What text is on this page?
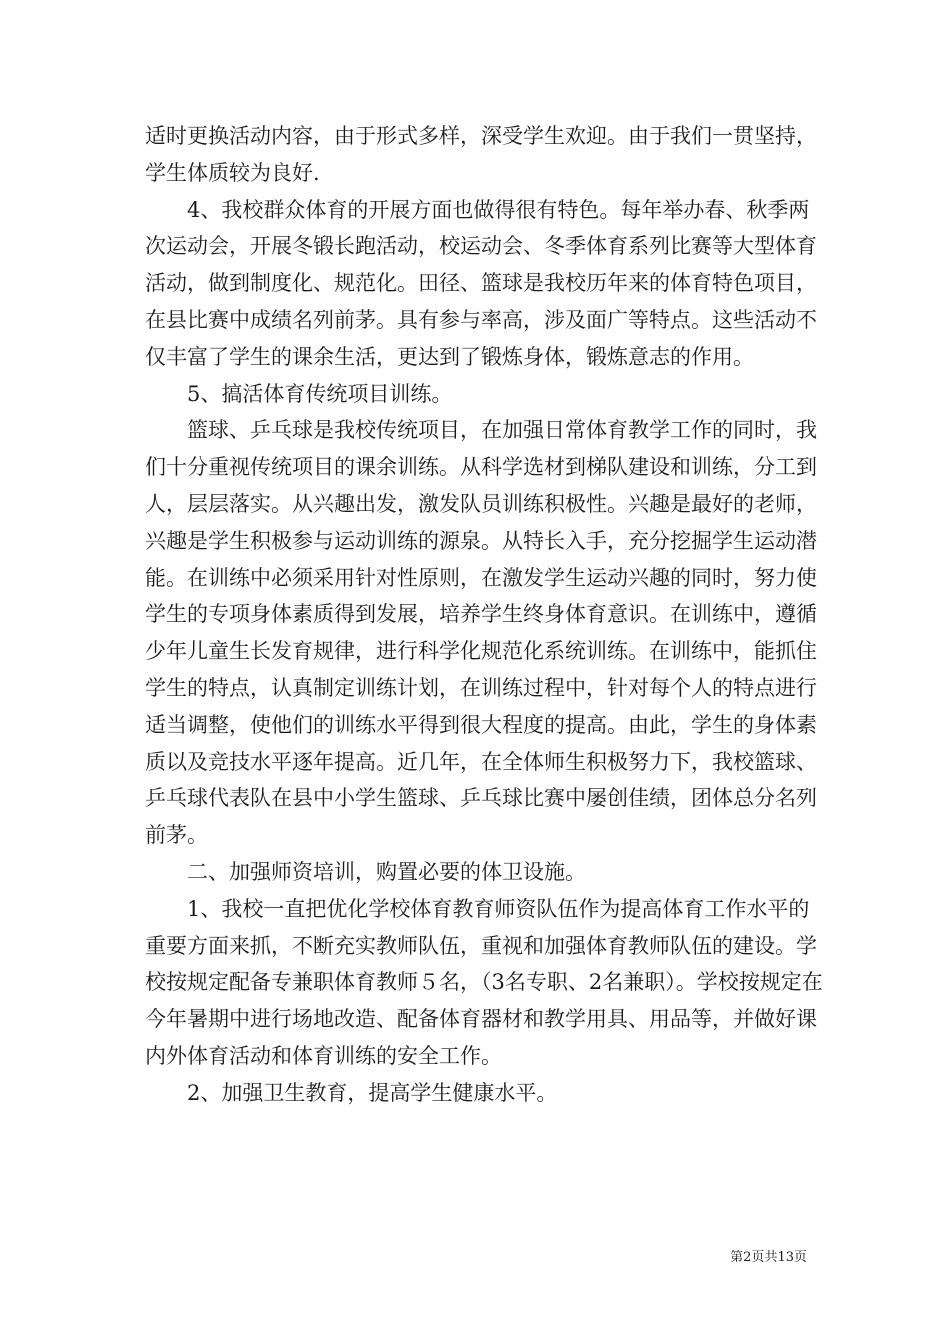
适时更换活动内容，由于形式多样，深受学生欢迎。由于我们一贯坚持，学生体质较为良好.

4、我校群众体育的开展方面也做得很有特色。每年举办春、秋季两次运动会，开展冬锻长跑活动，校运动会、冬季体育系列比赛等大型体育活动，做到制度化、规范化。田径、篮球是我校历年来的体育特色项目，在县比赛中成绩名列前茅。具有参与率高，涉及面广等特点。这些活动不仅丰富了学生的课余生活，更达到了锻炼身体，锻炼意志的作用。

5、搞活体育传统项目训练。

篮球、乒乓球是我校传统项目，在加强日常体育教学工作的同时，我们十分重视传统项目的课余训练。从科学选材到梯队建设和训练，分工到人，层层落实。从兴趣出发，激发队员训练积极性。兴趣是最好的老师，兴趣是学生积极参与运动训练的源泉。从特长入手，充分挖掘学生运动潜能。在训练中必须采用针对性原则，在激发学生运动兴趣的同时，努力使学生的专项身体素质得到发展，培养学生终身体育意识。在训练中，遵循少年儿童生长发育规律，进行科学化规范化系统训练。在训练中，能抓住学生的特点，认真制定训练计划，在训练过程中，针对每个人的特点进行适当调整，使他们的训练水平得到很大程度的提高。由此，学生的身体素质以及竞技水平逐年提高。近几年，在全体师生积极努力下，我校篮球、乒乓球代表队在县中小学生篮球、乒乓球比赛中屡创佳绩，团体总分名列前茅。

二、加强师资培训，购置必要的体卫设施。

1、我校一直把优化学校体育教育师资队伍作为提高体育工作水平的重要方面来抓，不断充实教师队伍，重视和加强体育教师队伍的建设。学校按规定配备专兼职体育教师５名，（3名专职、2名兼职）。学校按规定在今年暑期中进行场地改造、配备体育器材和教学用具、用品等，并做好课内外体育活动和体育训练的安全工作。

2、加强卫生教育，提高学生健康水平。

第2页共13页
